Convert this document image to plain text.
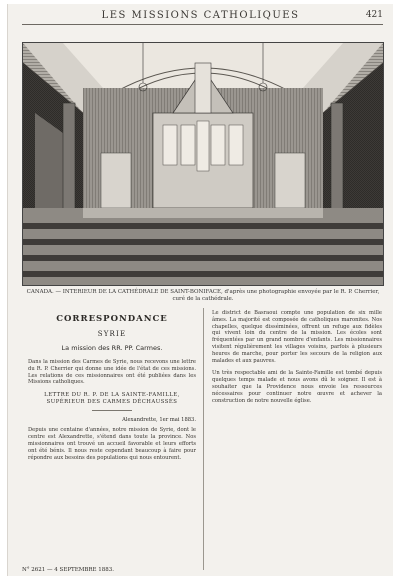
LES MISSIONS CATHOLIQUES	421
CANADA. — INTERIEUR DE LA CATHÉDRALE DE SAINT-BONIFACE, d'après une photographie envoyée par le R. P. Cherrier, curé de la cathédrale.
CORRESPONDANCE
SYRIE
La mission des RR. PP. Carmes.

Dans la mission des Carmes de Syrie, nous recevons une lettre du R. P. Cherrier qui donne une idée de l'état de ces missions. Les relations de ces missionnaires ont été publiées dans les Missions catholiques.

LETTRE DU R. P. DE LA SAINTE-FAMILLE, SUPÉRIEUR DES CARMES DÉCHAUSSÉS
Alexandrette, 1er mai 1883.

Depuis une centaine d'années, notre mission de Syrie, dont le centre est Alexandrette, s'étend dans toute la province. Nos missionnaires ont trouvé un accueil favorable et leurs efforts ont été bénis. Il nous reste cependant beaucoup à faire pour répondre aux besoins des populations qui nous entourent.

Le district de Basraoui compte une population de six mille âmes. La majorité est composée de catholiques maronites. Nos chapelles, quelque disséminées, offrent un refuge aux fidèles qui vivent loin du centre de la mission. Les écoles sont fréquentées par un grand nombre d'enfants. Les missionnaires visitent régulièrement les villages voisins, parfois à plusieurs heures de marche, pour porter les secours de la religion aux malades et aux pauvres.

Un très respectable ami de la Sainte-Famille est tombé depuis quelques temps malade et nous avons dû le soigner. Il est à souhaiter que la Providence nous envoie les ressources nécessaires pour continuer notre œuvre et achever la construction de notre nouvelle église.

N° 2621 — 4 SEPTEMBRE 1883.
